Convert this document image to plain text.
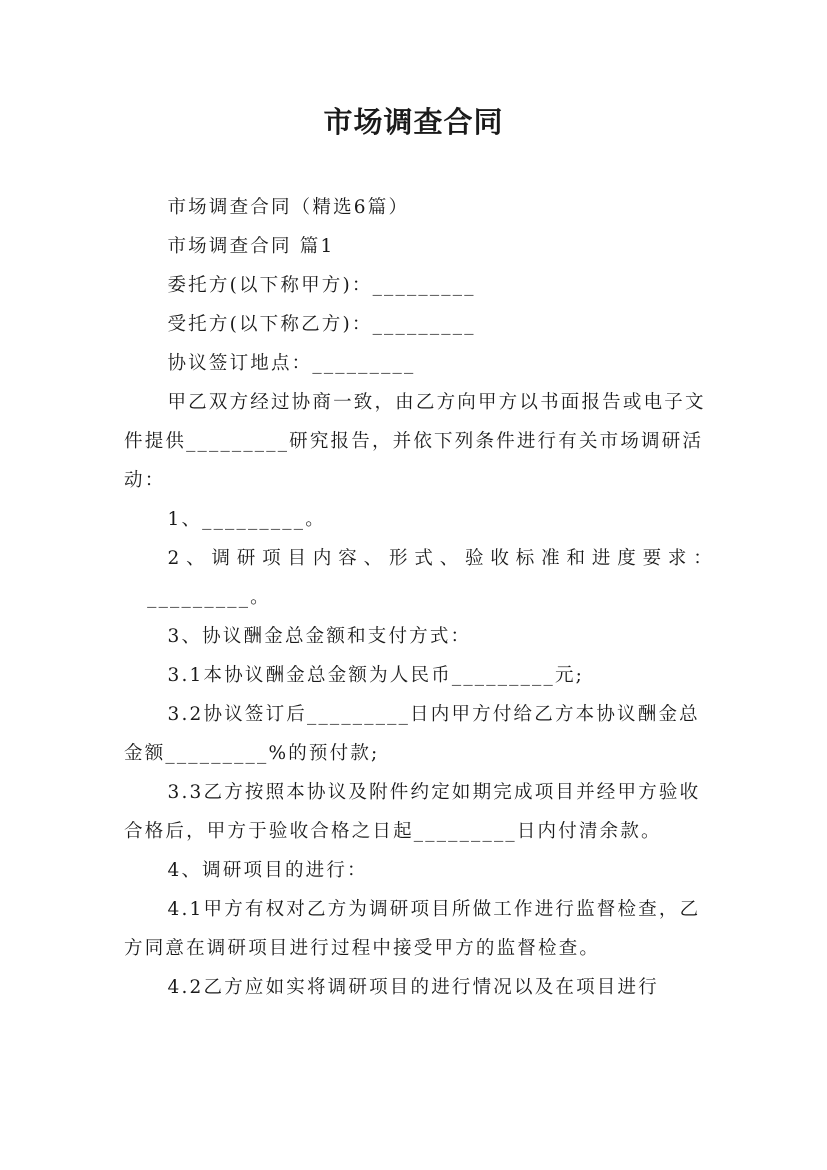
市场调查合同

市场调查合同（精选6篇）

市场调查合同 篇1

委托方(以下称甲方)：_________

受托方(以下称乙方)：_________

协议签订地点：_________

甲乙双方经过协商一致，由乙方向甲方以书面报告或电子文件提供_________研究报告，并依下列条件进行有关市场调研活动：

1、_________。

2、调研项目内容、形式、验收标准和进度要求：

_________。

3、协议酬金总金额和支付方式：

3.1本协议酬金总金额为人民币_________元;

3.2协议签订后_________日内甲方付给乙方本协议酬金总金额_________%的预付款;

3.3乙方按照本协议及附件约定如期完成项目并经甲方验收合格后，甲方于验收合格之日起_________日内付清余款。

4、调研项目的进行：

4.1甲方有权对乙方为调研项目所做工作进行监督检查，乙方同意在调研项目进行过程中接受甲方的监督检查。

4.2乙方应如实将调研项目的进行情况以及在项目进行
